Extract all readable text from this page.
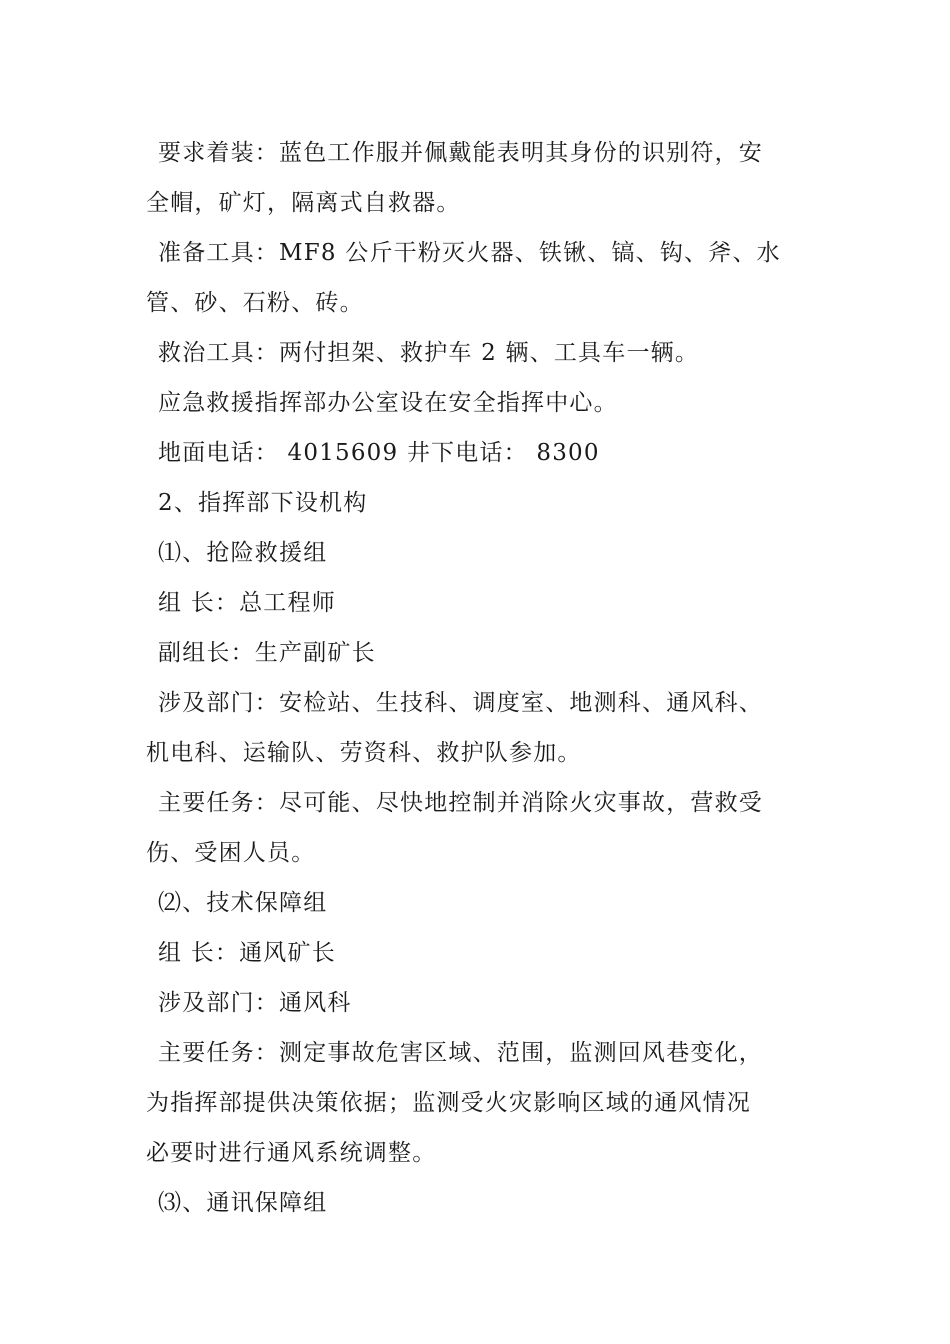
要求着装：蓝色工作服并佩戴能表明其身份的识别符，安
全帽，矿灯，隔离式自救器。
准备工具：MF8 公斤干粉灭火器、铁锹、镐、钩、斧、水
管、砂、石粉、砖。
救治工具：两付担架、救护车 2 辆、工具车一辆。
应急救援指挥部办公室设在安全指挥中心。
地面电话： 4015609 井下电话： 8300
2、指挥部下设机构
⑴、抢险救援组
组 长：总工程师
副组长：生产副矿长
涉及部门：安检站、生技科、调度室、地测科、通风科、
机电科、运输队、劳资科、救护队参加。
主要任务：尽可能、尽快地控制并消除火灾事故，营救受
伤、受困人员。
⑵、技术保障组
组 长：通风矿长
涉及部门：通风科
主要任务：测定事故危害区域、范围，监测回风巷变化，
为指挥部提供决策依据；监测受火灾影响区域的通风情况
必要时进行通风系统调整。
⑶、通讯保障组
